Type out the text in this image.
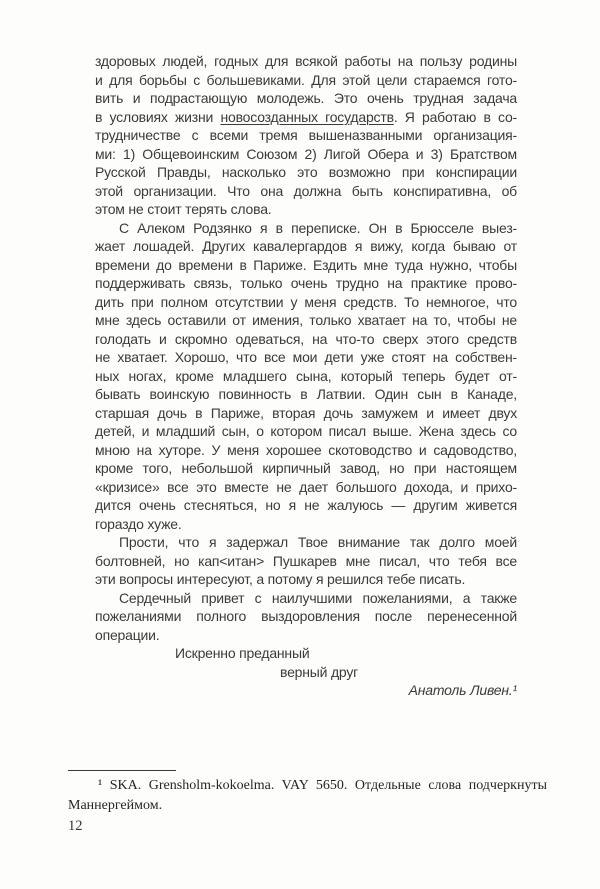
здоровых людей, годных для всякой работы на пользу родины
и для борьбы с большевиками. Для этой цели стараемся гото-
вить и подрастающую молодежь. Это очень трудная задача
в условиях жизни новосозданных государств. Я работаю в со-
трудничестве с всеми тремя вышеназванными организация-
ми: 1) Общевоинским Союзом 2) Лигой Обера и 3) Братством
Русской Правды, насколько это возможно при конспирации
этой организации. Что она должна быть конспиративна, об
этом не стоит терять слова.
С Алеком Родзянко я в переписке. Он в Брюсселе выез-
жает лошадей. Других кавалергардов я вижу, когда бываю от
времени до времени в Париже. Ездить мне туда нужно, чтобы
поддерживать связь, только очень трудно на практике прово-
дить при полном отсутствии у меня средств. То немногое, что
мне здесь оставили от имения, только хватает на то, чтобы не
голодать и скромно одеваться, на что-то сверх этого средств
не хватает. Хорошо, что все мои дети уже стоят на собствен-
ных ногах, кроме младшего сына, который теперь будет от-
бывать воинскую повинность в Латвии. Один сын в Канаде,
старшая дочь в Париже, вторая дочь замужем и имеет двух
детей, и младший сын, о котором писал выше. Жена здесь со
мною на хуторе. У меня хорошее скотоводство и садоводство,
кроме того, небольшой кирпичный завод, но при настоящем
«кризисе» все это вместе не дает большого дохода, и прихо-
дится очень стесняться, но я не жалуюсь — другим живется
гораздо хуже.
Прости, что я задержал Твое внимание так долго моей
болтовней, но кап<итан> Пушкарев мне писал, что тебя все
эти вопросы интересуют, а потому я решился тебе писать.
Сердечный привет с наилучшими пожеланиями, а также
пожеланиями полного выздоровления после перенесенной
операции.
Искренно преданный
верный друг
Анатоль Ливен.¹
¹ SKA. Grensholm-kokoelma. VAY 5650. Отдельные слова подчеркнуты
Маннергеймом.
12
